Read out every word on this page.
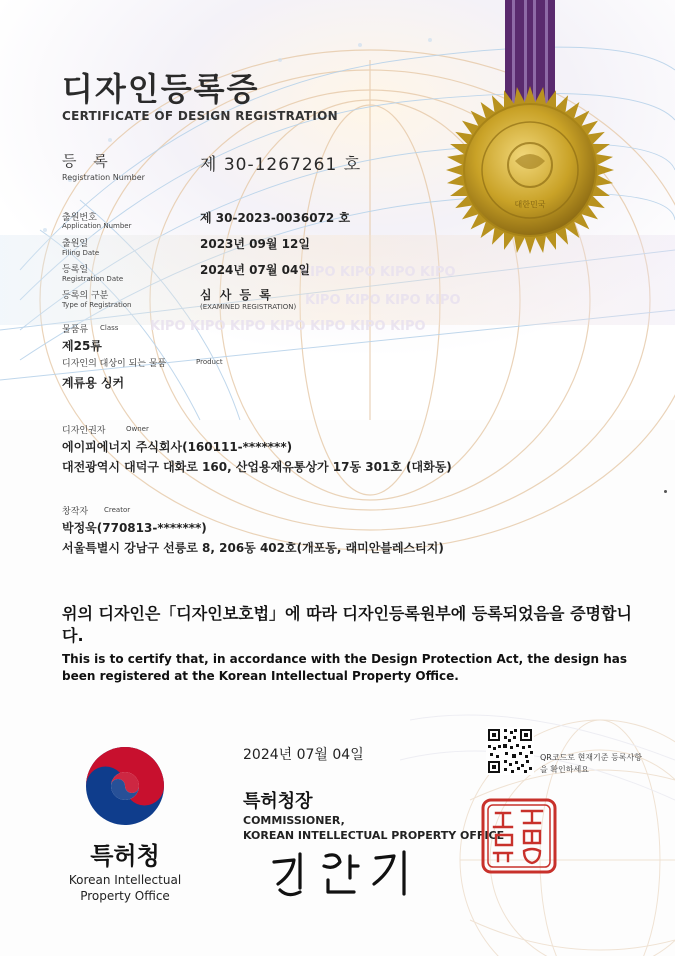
KIPO KIPO KIPO KIPO
KIPO KIPO KIPO KIPO
KIPO KIPO KIPO KIPO KIPO KIPO KIPO
대한민국
디자인등록증
CERTIFICATE OF DESIGN REGISTRATION
등 록
Registration Number
제 30-1267261 호
출원번호
Application Number
제 30-2023-0036072 호
출원일
Filing Date
2023년 09월 12일
등록일
Registration Date
2024년 07월 04일
등록의 구분
Type of Registration
심 사 등 록
(EXAMINED REGISTRATION)
물품류 Class
제25류
디자인의 대상이 되는 물품	Product
계류용 싱커
디자인권자	Owner
에이피에너지 주식회사(160111-*******)
대전광역시 대덕구 대화로 160, 산업용재유통상가 17동 301호 (대화동)
창작자 Creator
박정욱(770813-*******)
서울특별시 강남구 선릉로 8, 206동 402호(개포동, 래미안블레스티지)
위의 디자인은「디자인보호법」에 따라 디자인등록원부에 등록되었음을 증명합니다.
This is to certify that, in accordance with the Design Protection Act, the design has been registered at the Korean Intellectual Property Office.
특허청
Korean Intellectual
Property Office
2024년 07월 04일	QR코드로 현재기준 등록사항을 확인하세요
특허청장
COMMISSIONER,
KOREAN INTELLECTUAL PROPERTY OFFICE
